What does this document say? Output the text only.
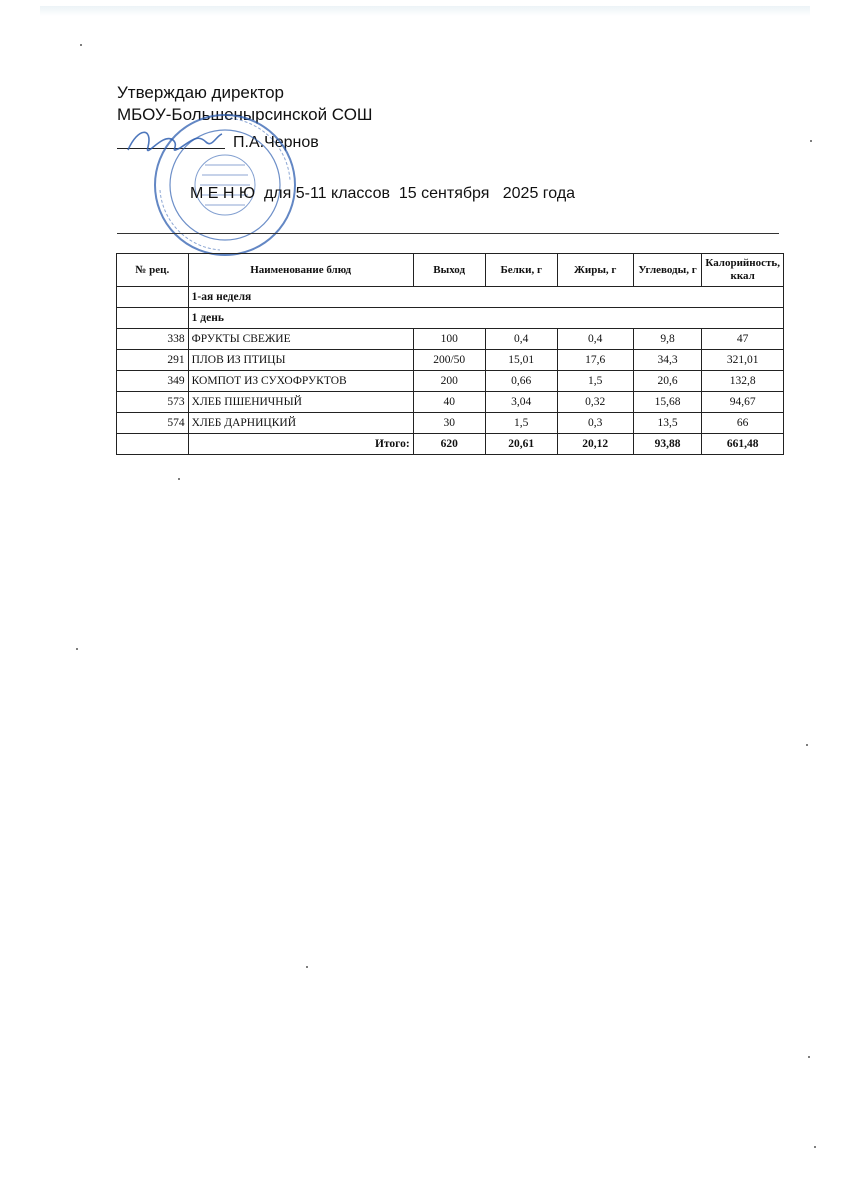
Утверждаю директор
МБОУ-Большенырсинской СОШ
П.А.Чернов
М Е Н Ю  для 5-11 классов  15 сентября   2025 года
№ рец.	Наименование блюд	Выход	Белки, г	Жиры, г	Углеводы, г	Калорийность, ккал
	1-ая неделя					
	1 день					
338	ФРУКТЫ СВЕЖИЕ	100	0,4	0,4	9,8	47
291	ПЛОВ ИЗ ПТИЦЫ	200/50	15,01	17,6	34,3	321,01
349	КОМПОТ ИЗ СУХОФРУКТОВ	200	0,66	1,5	20,6	132,8
573	ХЛЕБ ПШЕНИЧНЫЙ	40	3,04	0,32	15,68	94,67
574	ХЛЕБ ДАРНИЦКИЙ	30	1,5	0,3	13,5	66
	Итого:	620	20,61	20,12	93,88	661,48
